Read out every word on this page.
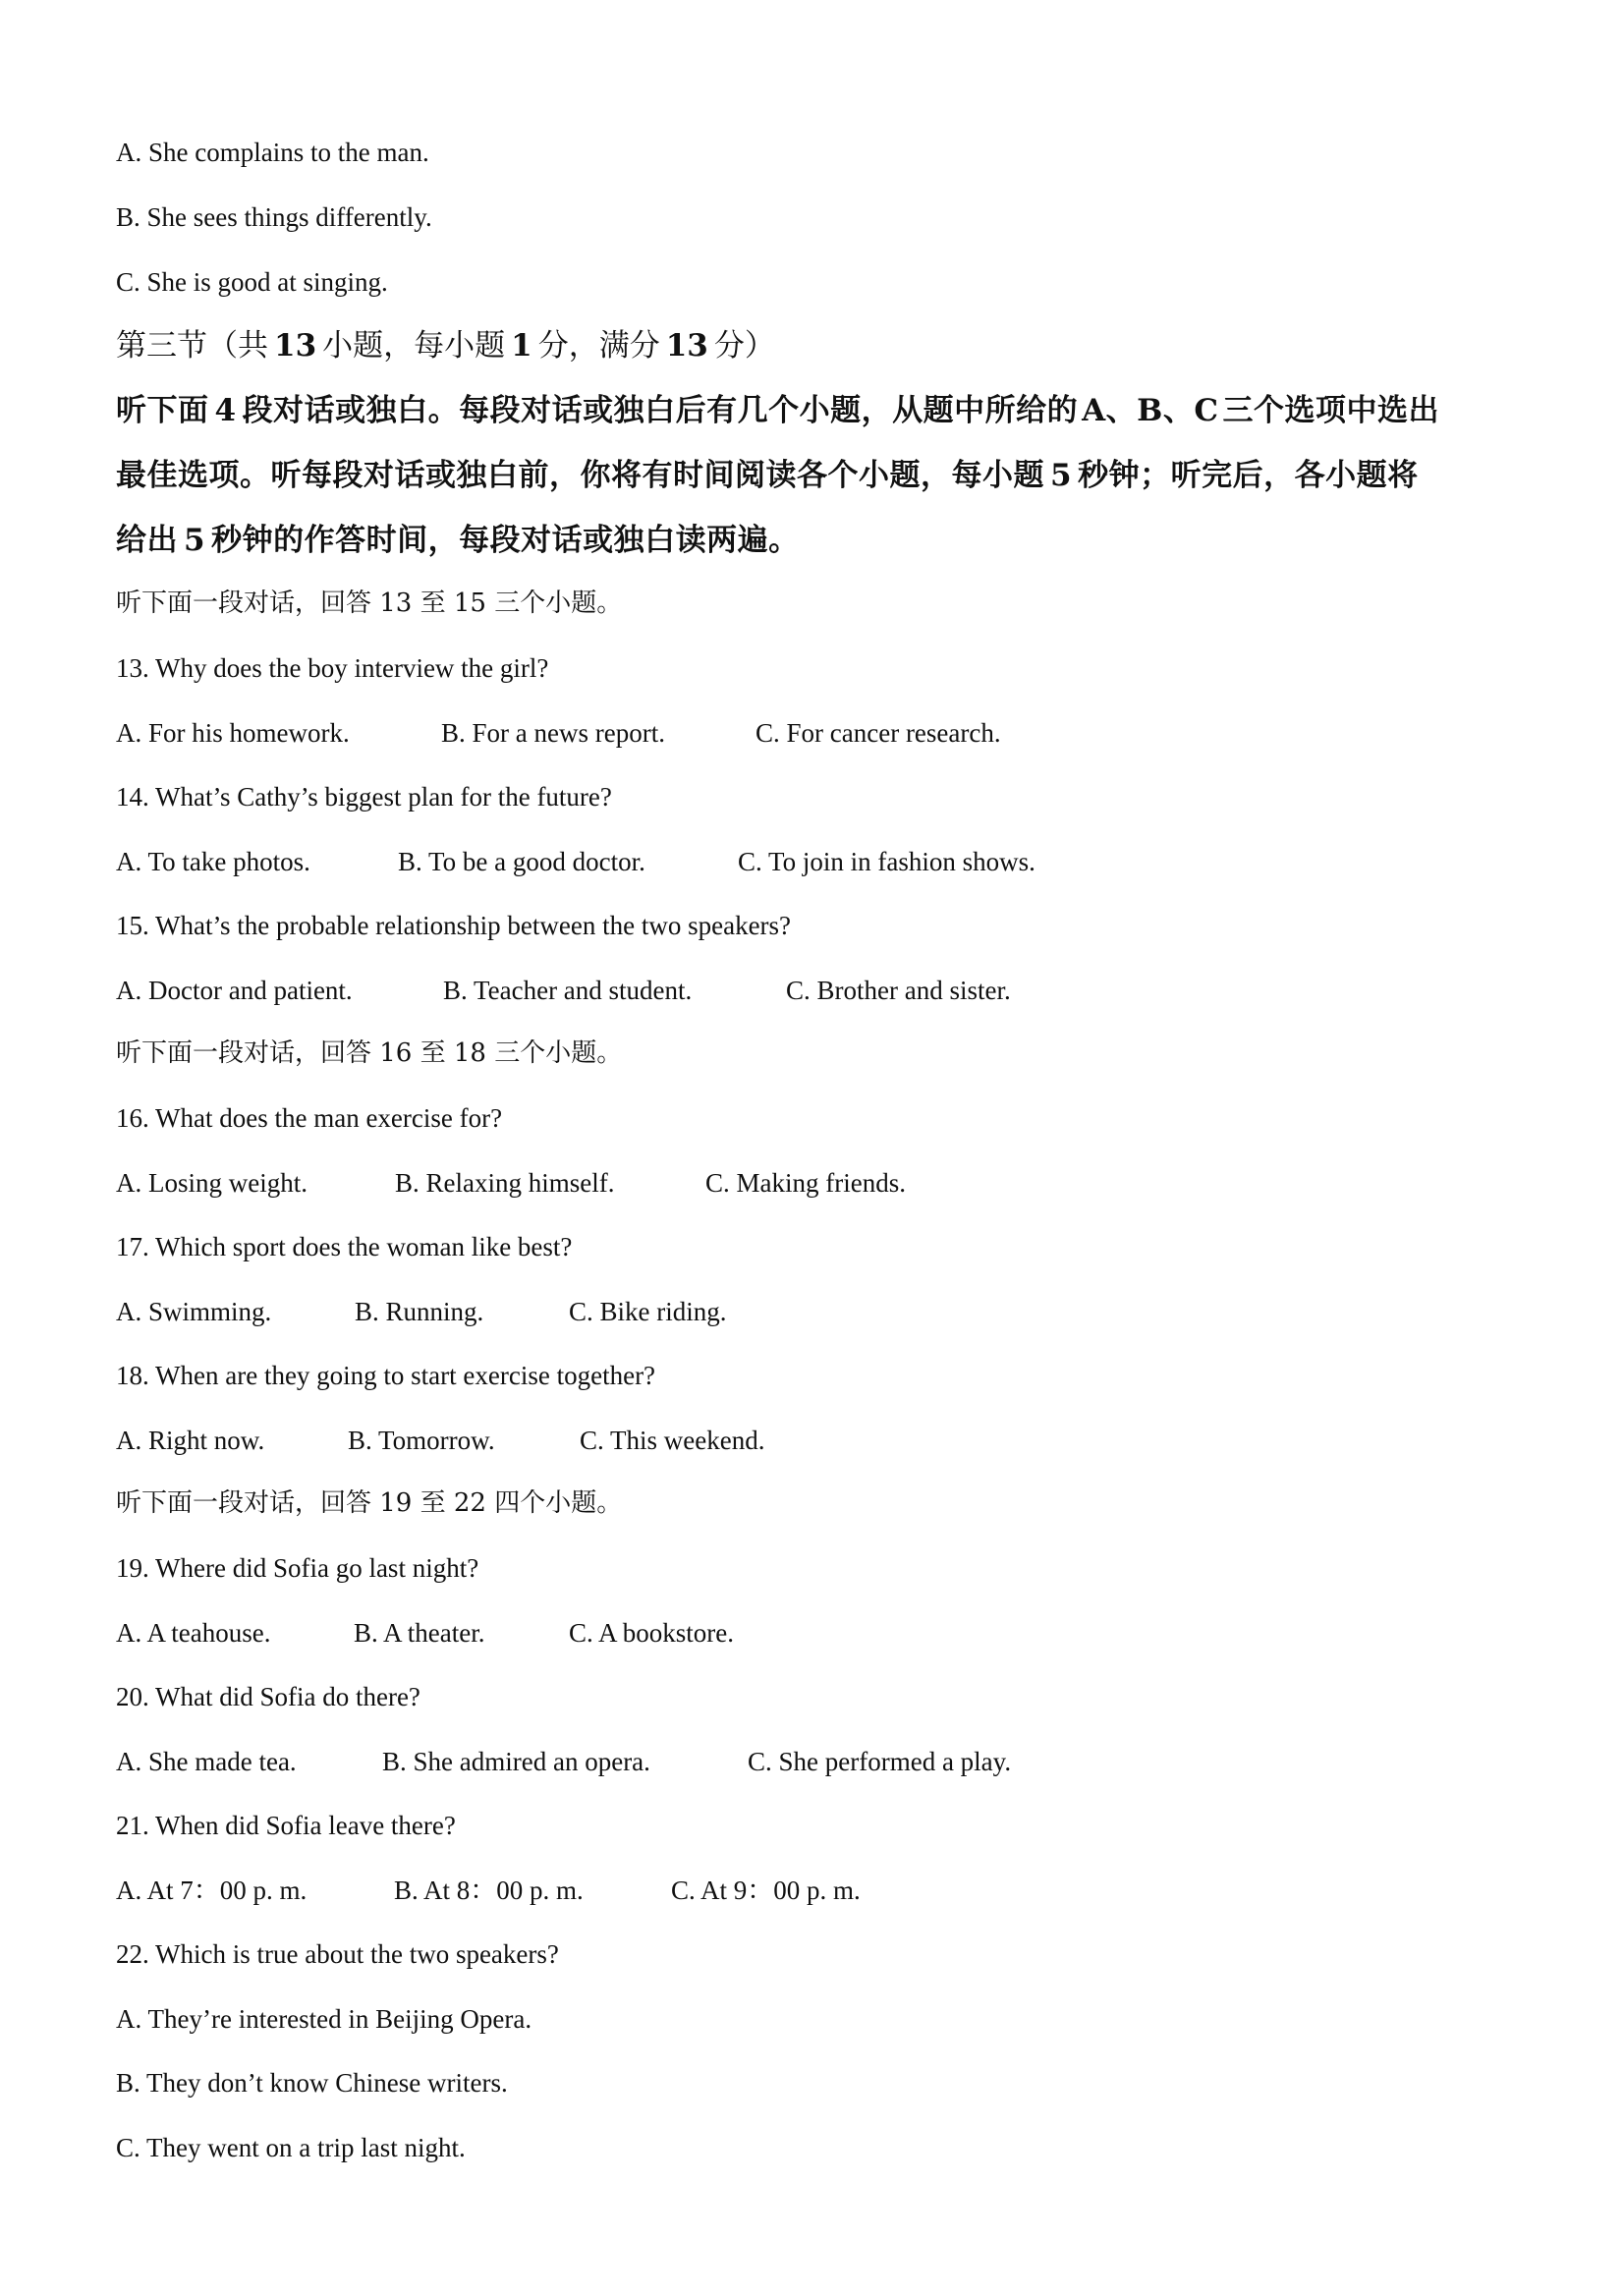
A. She complains to the man.
B. She sees things differently.
C. She is good at singing.
第三节（共 13 小题，每小题 1 分，满分 13 分）
听下面 4 段对话或独白。每段对话或独白后有几个小题，从题中所给的 A、B、C 三个选项中选出
最佳选项。听每段对话或独白前，你将有时间阅读各个小题，每小题 5 秒钟；听完后，各小题将
给出 5 秒钟的作答时间，每段对话或独白读两遍。
听下面一段对话，回答 13 至 15 三个小题。
13. Why does the boy interview the girl?
A. For his homework.	B. For a news report.	C. For cancer research.
14. What’s Cathy’s biggest plan for the future?
A. To take photos.	B. To be a good doctor.	C. To join in fashion shows.
15. What’s the probable relationship between the two speakers?
A. Doctor and patient.	B. Teacher and student.	C. Brother and sister.
听下面一段对话，回答 16 至 18 三个小题。
16. What does the man exercise for?
A. Losing weight.	B. Relaxing himself.	C. Making friends.
17. Which sport does the woman like best?
A. Swimming.	B. Running.	C. Bike riding.
18. When are they going to start exercise together?
A. Right now.	B. Tomorrow.	C. This weekend.
听下面一段对话，回答 19 至 22 四个小题。
19. Where did Sofia go last night?
A. A teahouse.	B. A theater.	C. A bookstore.
20. What did Sofia do there?
A. She made tea.	B. She admired an opera.	C. She performed a play.
21. When did Sofia leave there?
A. At 7：00 p. m.	B. At 8：00 p. m.	C. At 9：00 p. m.
22. Which is true about the two speakers?
A. They’re interested in Beijing Opera.
B. They don’t know Chinese writers.
C. They went on a trip last night.
